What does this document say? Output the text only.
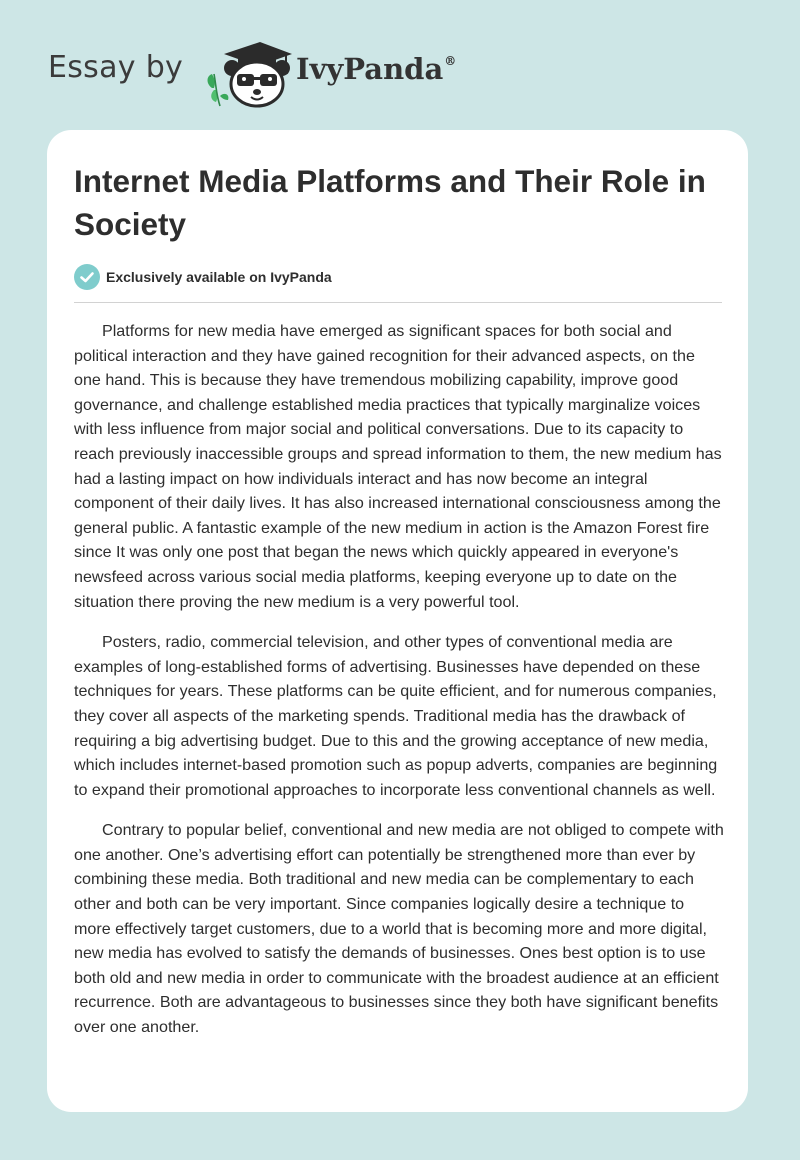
Essay by	IvyPanda®
Internet Media Platforms and Their Role in Society
Exclusively available on IvyPanda

Platforms for new media have emerged as significant spaces for both social and political interaction and they have gained recognition for their advanced aspects, on the one hand. This is because they have tremendous mobilizing capability, improve good governance, and challenge established media practices that typically marginalize voices with less influence from major social and political conversations. Due to its capacity to reach previously inaccessible groups and spread information to them, the new medium has had a lasting impact on how individuals interact and has now become an integral component of their daily lives. It has also increased international consciousness among the general public. A fantastic example of the new medium in action is the Amazon Forest fire since It was only one post that began the news which quickly appeared in everyone's newsfeed across various social media platforms, keeping everyone up to date on the situation there proving the new medium is a very powerful tool.

Posters, radio, commercial television, and other types of conventional media are examples of long-established forms of advertising. Businesses have depended on these techniques for years. These platforms can be quite efficient, and for numerous companies, they cover all aspects of the marketing spends. Traditional media has the drawback of requiring a big advertising budget. Due to this and the growing acceptance of new media, which includes internet-based promotion such as popup adverts, companies are beginning to expand their promotional approaches to incorporate less conventional channels as well.

Contrary to popular belief, conventional and new media are not obliged to compete with one another. One’s advertising effort can potentially be strengthened more than ever by combining these media. Both traditional and new media can be complementary to each other and both can be very important. Since companies logically desire a technique to more effectively target customers, due to a world that is becoming more and more digital, new media has evolved to satisfy the demands of businesses. Ones best option is to use both old and new media in order to communicate with the broadest audience at an efficient recurrence. Both are advantageous to businesses since they both have significant benefits over one another.
